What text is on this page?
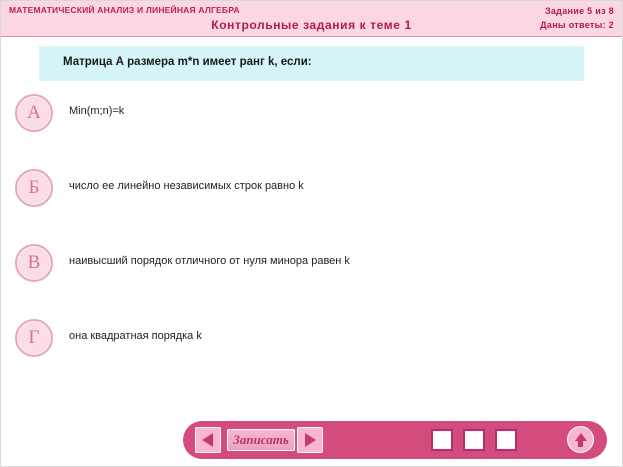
МАТЕМАТИЧЕСКИЙ АНАЛИЗ И ЛИНЕЙНАЯ АЛГЕБРА
Контрольные задания к теме 1
Задание 5 из 8
Даны ответы: 2
Матрица А размера m*n имеет ранг k, если:
А	Min(m;n)=k
Б	число ее линейно независимых строк равно k
В	наивысший порядок отличного от нуля минора равен k
Г	она квадратная порядка k
Записать
